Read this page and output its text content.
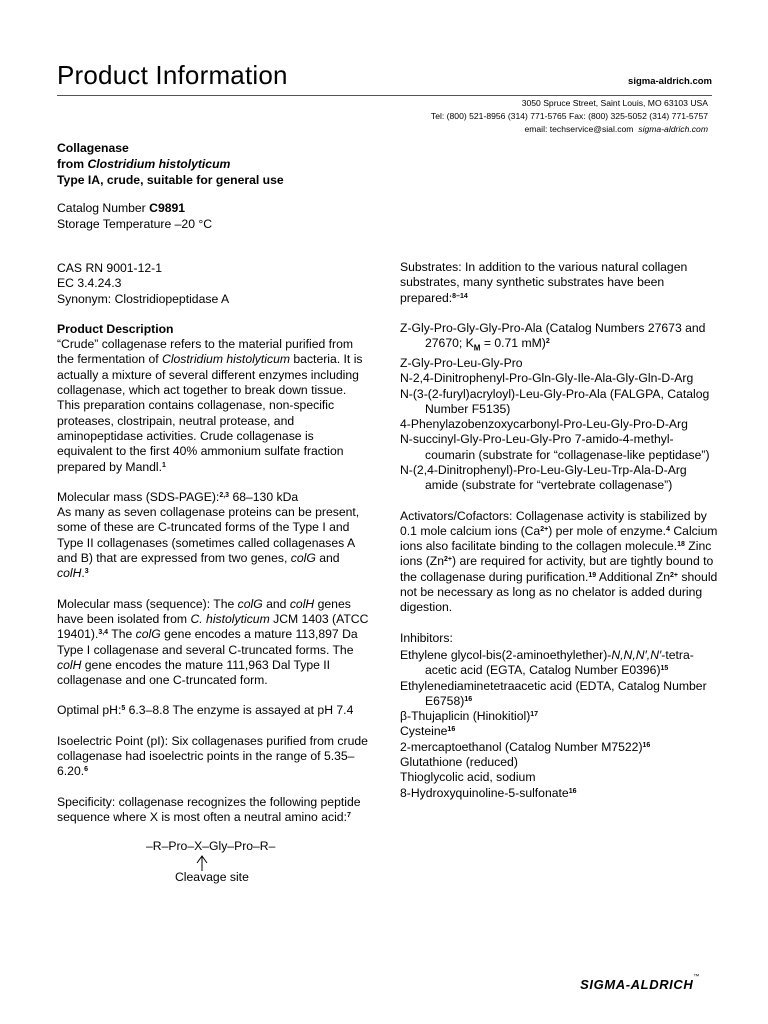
Product Information	sigma-aldrich.com
3050 Spruce Street, Saint Louis, MO 63103 USA
Tel: (800) 521-8956 (314) 771-5765 Fax: (800) 325-5052 (314) 771-5757
email: techservice@sial.com sigma-aldrich.com
Collagenase
from Clostridium histolyticum
Type IA, crude, suitable for general use
Catalog Number C9891
Storage Temperature –20 °C

CAS RN 9001-12-1
EC 3.4.24.3
Synonym: Clostridiopeptidase A

Product Description
“Crude” collagenase refers to the material purified from the fermentation of Clostridium histolyticum bacteria. It is actually a mixture of several different enzymes including collagenase, which act together to break down tissue. This preparation contains collagenase, non-specific proteases, clostripain, neutral protease, and aminopeptidase activities. Crude collagenase is equivalent to the first 40% ammonium sulfate fraction prepared by Mandl.$^1$

Molecular mass (SDS-PAGE):$^{2,3}$ 68–130 kDa
As many as seven collagenase proteins can be present, some of these are C-truncated forms of the Type I and Type II collagenases (sometimes called collagenases A and B) that are expressed from two genes, colG and colH.$^3$

Molecular mass (sequence): The colG and colH genes have been isolated from C. histolyticum JCM 1403 (ATCC 19401).$^{3,4}$ The colG gene encodes a mature 113,897 Da Type I collagenase and several C-truncated forms. The colH gene encodes the mature 111,963 Dal Type II collagenase and one C-truncated form.

Optimal pH:$^5$ 6.3–8.8 The enzyme is assayed at pH 7.4

Isoelectric Point (pI): Six collagenases purified from crude collagenase had isoelectric points in the range of 5.35–6.20.$^6$

Specificity: collagenase recognizes the following peptide sequence where X is most often a neutral amino acid:$^7$

–R–Pro–X–Gly–Pro–R–
Cleavage site

Substrates: In addition to the various natural collagen substrates, many synthetic substrates have been prepared:$^{8-14}$

Z-Gly-Pro-Gly-Gly-Pro-Ala (Catalog Numbers 27673 and 27670; $K_M = 0.71$ mM)$^2$
Z-Gly-Pro-Leu-Gly-Pro
N-2,4-Dinitrophenyl-Pro-Gln-Gly-Ile-Ala-Gly-Gln-D-Arg
N-(3-(2-furyl)acryloyl)-Leu-Gly-Pro-Ala (FALGPA, Catalog Number F5135)
4-Phenylazobenzoxycarbonyl-Pro-Leu-Gly-Pro-D-Arg
N-succinyl-Gly-Pro-Leu-Gly-Pro 7-amido-4-methyl-coumarin (substrate for “collagenase-like peptidase”)
N-(2,4-Dinitrophenyl)-Pro-Leu-Gly-Leu-Trp-Ala-D-Arg amide (substrate for “vertebrate collagenase”)

Activators/Cofactors: Collagenase activity is stabilized by 0.1 mole calcium ions $(Ca^{2+})$ per mole of enzyme.$^4$ Calcium ions also facilitate binding to the collagen molecule.$^{18}$ Zinc ions $(Zn^{2+})$ are required for activity, but are tightly bound to the collagenase during purification.$^{19}$ Additional $Zn^{2+}$ should not be necessary as long as no chelator is added during digestion.

Inhibitors:
Ethylene glycol-bis(2-aminoethylether)-N,N,N′,N′-tetra-acetic acid (EGTA, Catalog Number E0396)$^{15}$
Ethylenediaminetetraacetic acid (EDTA, Catalog Number E6758)$^{16}$
β-Thujaplicin (Hinokitiol)$^{17}$
Cysteine$^{16}$
2-mercaptoethanol (Catalog Number M7522)$^{16}$
Glutathione (reduced)
Thioglycolic acid, sodium
8-Hydroxyquinoline-5-sulfonate$^{16}$
SIGMA-ALDRICH™
